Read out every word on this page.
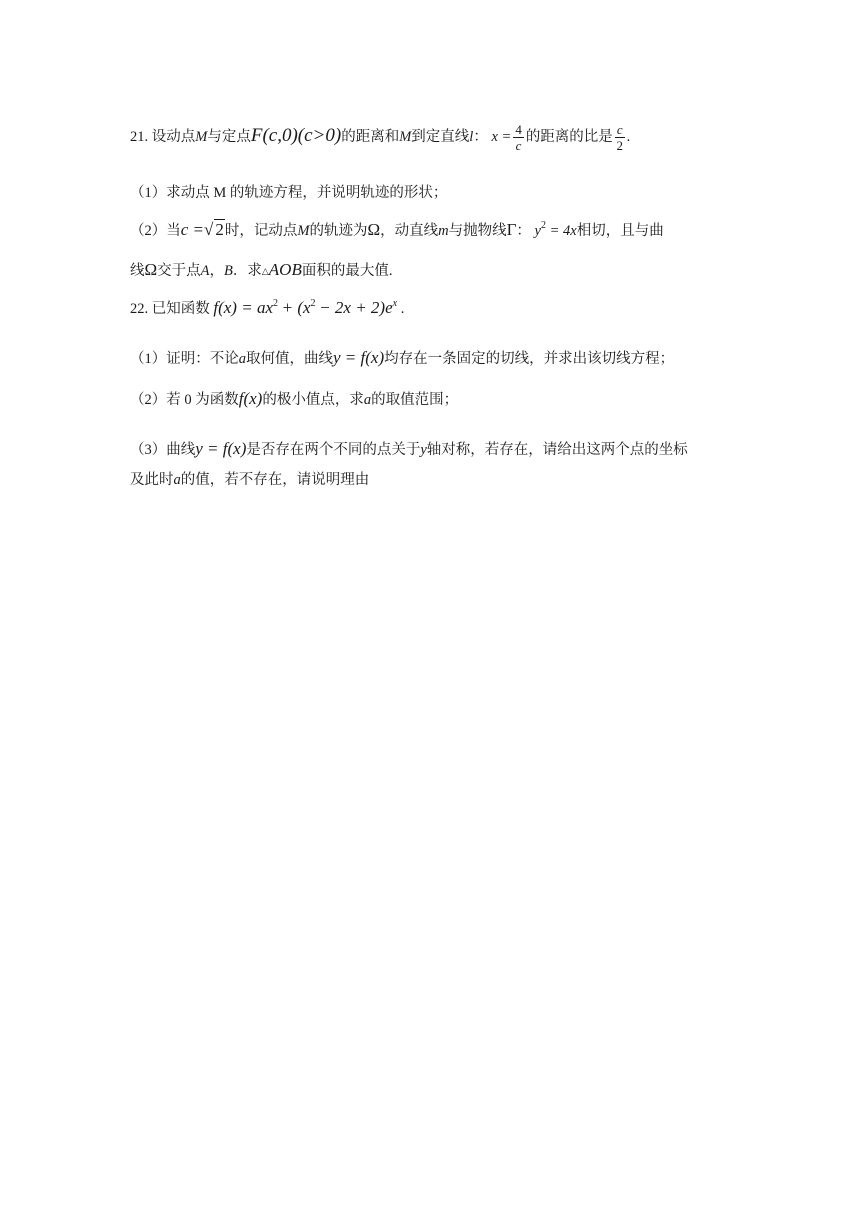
21. 设动点M与定点F(c,0)(c>0)的距离和M到定直线l： $x = \frac{4}{c}$ 的距离的比是 $\frac{c}{2}$ .
（1）求动点 M 的轨迹方程，并说明轨迹的形状；
（2）当c =√ 2时，记动点M的轨迹为Ω，动直线m与抛物线Γ： $y^2 = 4x$相切，且与曲
线Ω交于点A，B．求△AOB面积的最大值.
22. 已知函数 $f(x) = ax^2 + (x^2 - 2x + 2)e^x$ .
（1）证明：不论a取何值，曲线y = f(x)均存在一条固定的切线，并求出该切线方程；
（2）若 0 为函数f(x)的极小值点，求a的取值范围；
（3）曲线y = f(x)是否存在两个不同的点关于y轴对称，若存在，请给出这两个点的坐标
及此时a的值，若不存在，请说明理由
